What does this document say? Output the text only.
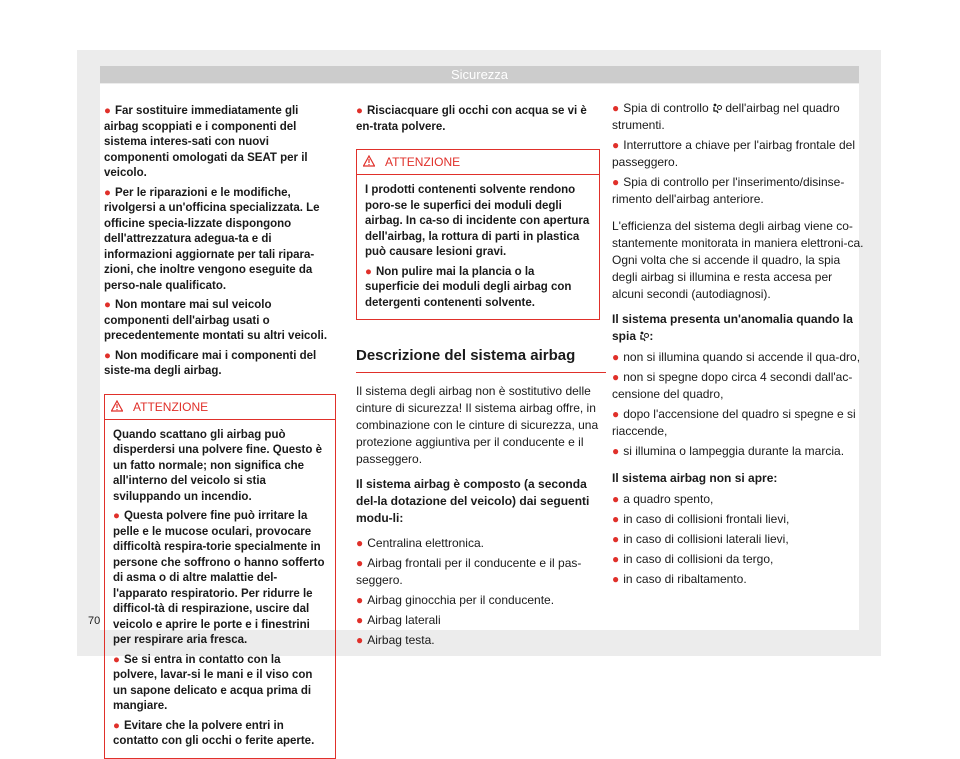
Sicurezza

● Far sostituire immediatamente gli airbag scoppiati e i componenti del sistema interes-sati con nuovi componenti omologati da SEAT per il veicolo.

● Per le riparazioni e le modifiche, rivolgersi a un'officina specializzata. Le officine specia-lizzate dispongono dell'attrezzatura adegua-ta e di informazioni aggiornate per tali ripara-zioni, che inoltre vengono eseguite da perso-nale qualificato.

● Non montare mai sul veicolo componenti dell'airbag usati o precedentemente montati su altri veicoli.

● Non modificare mai i componenti del siste-ma degli airbag.

ATTENZIONE

Quando scattano gli airbag può disperdersi una polvere fine. Questo è un fatto normale; non significa che all'interno del veicolo si stia sviluppando un incendio.

● Questa polvere fine può irritare la pelle e le mucose oculari, provocare difficoltà respira-torie specialmente in persone che soffrono o hanno sofferto di asma o di altre malattie del-l'apparato respiratorio. Per ridurre le difficol-tà di respirazione, uscire dal veicolo e aprire le porte e i finestrini per respirare aria fresca.

● Se si entra in contatto con la polvere, lavar-si le mani e il viso con un sapone delicato e acqua prima di mangiare.

● Evitare che la polvere entri in contatto con gli occhi o ferite aperte.

● Risciacquare gli occhi con acqua se vi è en-trata polvere.

ATTENZIONE

I prodotti contenenti solvente rendono poro-se le superfici dei moduli degli airbag. In ca-so di incidente con apertura dell'airbag, la rottura di parti in plastica può causare lesioni gravi.

● Non pulire mai la plancia o la superficie dei moduli degli airbag con detergenti contenenti solvente.

Descrizione del sistema airbag

Il sistema degli airbag non è sostitutivo delle cinture di sicurezza! Il sistema airbag offre, in combinazione con le cinture di sicurezza, una protezione aggiuntiva per il conducente e il passeggero.

Il sistema airbag è composto (a seconda del-la dotazione del veicolo) dai seguenti modu-li:

● Centralina elettronica.

● Airbag frontali per il conducente e il pas-seggero.

● Airbag ginocchia per il conducente.

● Airbag laterali

● Airbag testa.

● Spia di controllo dell'airbag nel quadro strumenti.

● Interruttore a chiave per l'airbag frontale del passeggero.

● Spia di controllo per l'inserimento/disinse-rimento dell'airbag anteriore.

L'efficienza del sistema degli airbag viene co-stantemente monitorata in maniera elettroni-ca. Ogni volta che si accende il quadro, la spia degli airbag si illumina e resta accesa per alcuni secondi (autodiagnosi).

Il sistema presenta un'anomalia quando la spia :

● non si illumina quando si accende il qua-dro,

● non si spegne dopo circa 4 secondi dall'ac-censione del quadro,

● dopo l'accensione del quadro si spegne e si riaccende,

● si illumina o lampeggia durante la marcia.

Il sistema airbag non si apre:

● a quadro spento,

● in caso di collisioni frontali lievi,

● in caso di collisioni laterali lievi,

● in caso di collisioni da tergo,

● in caso di ribaltamento.

70
